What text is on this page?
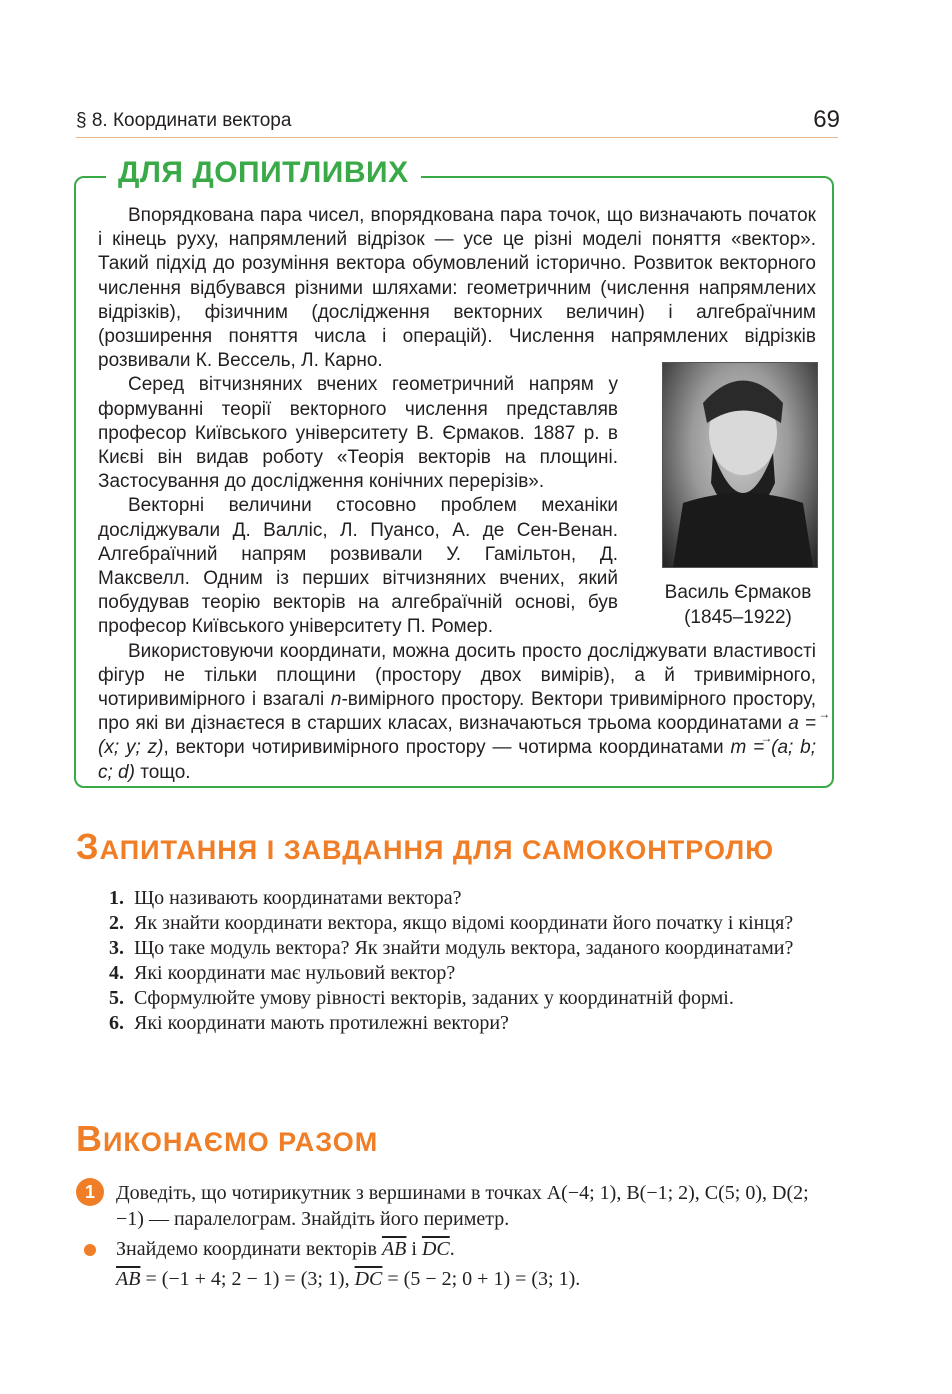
§ 8. Координати вектора	69
ДЛЯ ДОПИТЛИВИХ

Впорядкована пара чисел, впорядкована пара точок, що визначають початок і кінець руху, напрямлений відрізок — усе це різні моделі поняття «вектор». Такий підхід до розуміння вектора обумовлений історично. Розвиток векторного числення відбувався різними шляхами: геометричним (числення напрямлених відрізків), фізичним (дослідження векторних величин) і алгебраїчним (розширення поняття числа і операцій). Числення напрямлених відрізків розвивали К. Вессель, Л. Карно.

Серед вітчизняних вчених геометричний напрям у формуванні теорії векторного числення представляв професор Київського університету В. Єрмаков. 1887 р. в Києві він видав роботу «Теорія векторів на площині. Застосування до дослідження конічних перерізів».

Векторні величини стосовно проблем механіки досліджували Д. Валліс, Л. Пуансо, А. де Сен-Венан. Алгебраїчний напрям розвивали У. Гамільтон, Д. Максвелл. Одним із перших вітчизняних вчених, який побудував теорію векторів на алгебраїчній основі, був професор Київського університету П. Ромер.

Використовуючи координати, можна досить просто досліджувати властивості фігур не тільки площини (простору двох вимірів), а й тривимірного, чотиривимірного і взагалі n-вимірного простору. Вектори тривимірного простору, про які ви дізнаєтеся в старших класах, визначаються трьома координатами → a = (x; y; z), вектори чотиривимірного простору — чотирма координатами → m = (a; b; c; d) тощо.

Василь Єрмаков
(1845–1922)
ЗАПИТАННЯ І ЗАВДАННЯ ДЛЯ САМОКОНТРОЛЮ
1. Що називають координатами вектора?
2. Як знайти координати вектора, якщо відомі координати його початку і кінця?
3. Що таке модуль вектора? Як знайти модуль вектора, заданого координатами?
4. Які координати має нульовий вектор?
5. Сформулюйте умову рівності векторів, заданих у координатній формі.
6. Які координати мають протилежні вектори?
ВИКОНАЄМО РАЗОМ
1	Доведіть, що чотирикутник з вершинами в точках A(−4; 1), B(−1; 2), C(5; 0), D(2; −1) — паралелограм. Знайдіть його периметр.
Знайдемо координати векторів $\overline{AB}$ і $\overline{DC}$.
$\overline{AB} = (-1 + 4$; 2 − 1) = (3; 1), $\overline{DC} = (5 - 2$; 0 + 1) = (3; 1).
